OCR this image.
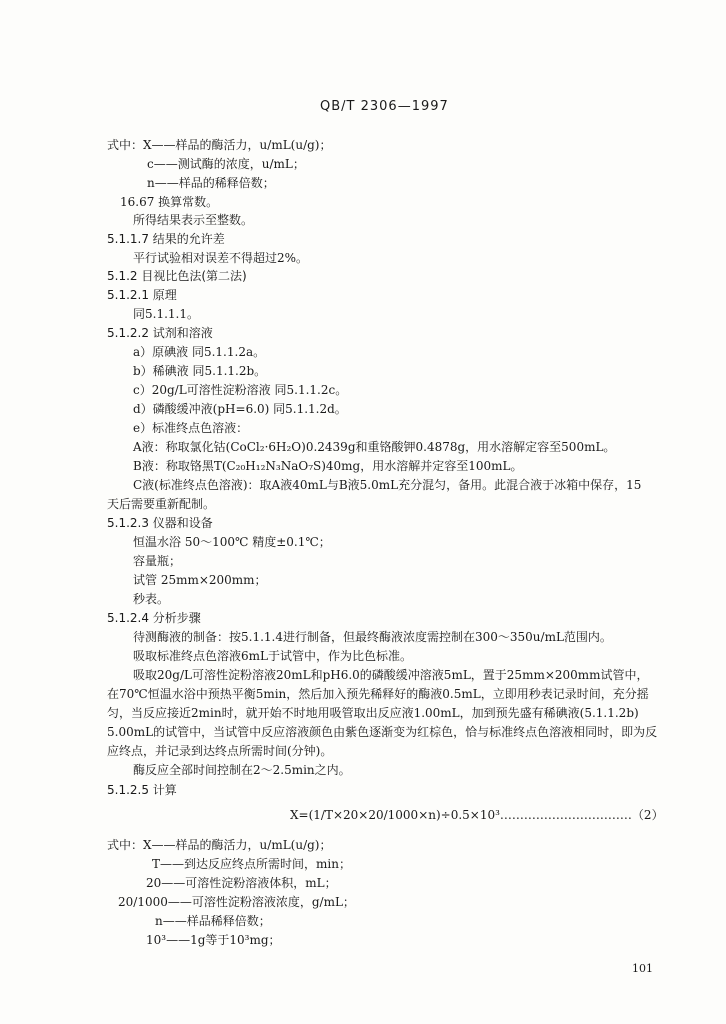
QB/T 2306—1997
式中：X——样品的酶活力，u/mL(u/g)；
c——测试酶的浓度，u/mL；
n——样品的稀释倍数；
16.67 换算常数。
所得结果表示至整数。
5.1.1.7 结果的允许差
平行试验相对误差不得超过2%。
5.1.2 目视比色法(第二法)
5.1.2.1 原理
同5.1.1.1。
5.1.2.2 试剂和溶液
a）原碘液 同5.1.1.2a。
b）稀碘液 同5.1.1.2b。
c）20g/L可溶性淀粉溶液 同5.1.1.2c。
d）磷酸缓冲液(pH=6.0) 同5.1.1.2d。
e）标准终点色溶液：
A液：称取氯化钴(CoCl₂·6H₂O)0.2439g和重铬酸钾0.4878g，用水溶解定容至500mL。
B液：称取铬黑T(C₂₀H₁₂N₃NaO₇S)40mg，用水溶解并定容至100mL。
C液(标准终点色溶液)：取A液40mL与B液5.0mL充分混匀，备用。此混合液于冰箱中保存，15
天后需要重新配制。
5.1.2.3 仪器和设备
恒温水浴 50～100℃ 精度±0.1℃；
容量瓶；
试管 25mm×200mm；
秒表。
5.1.2.4 分析步骤
待测酶液的制备：按5.1.1.4进行制备，但最终酶液浓度需控制在300～350u/mL范围内。
吸取标准终点色溶液6mL于试管中，作为比色标准。
吸取20g/L可溶性淀粉溶液20mL和pH6.0的磷酸缓冲溶液5mL，置于25mm×200mm试管中，
在70℃恒温水浴中预热平衡5min，然后加入预先稀释好的酶液0.5mL，立即用秒表记录时间，充分摇
匀，当反应接近2min时，就开始不时地用吸管取出反应液1.00mL，加到预先盛有稀碘液(5.1.1.2b)
5.00mL的试管中，当试管中反应溶液颜色由紫色逐渐变为红棕色，恰与标准终点色溶液相同时，即为反
应终点，并记录到达终点所需时间(分钟)。
酶反应全部时间控制在2～2.5min之内。
5.1.2.5 计算
X=(1/T×20×20/1000×n)÷0.5×10³……………………………（2）
式中：X——样品的酶活力，u/mL(u/g)；
T——到达反应终点所需时间，min；
20——可溶性淀粉溶液体积，mL；
20/1000——可溶性淀粉溶液浓度，g/mL；
n——样品稀释倍数；
10³——1g等于10³mg；
101
